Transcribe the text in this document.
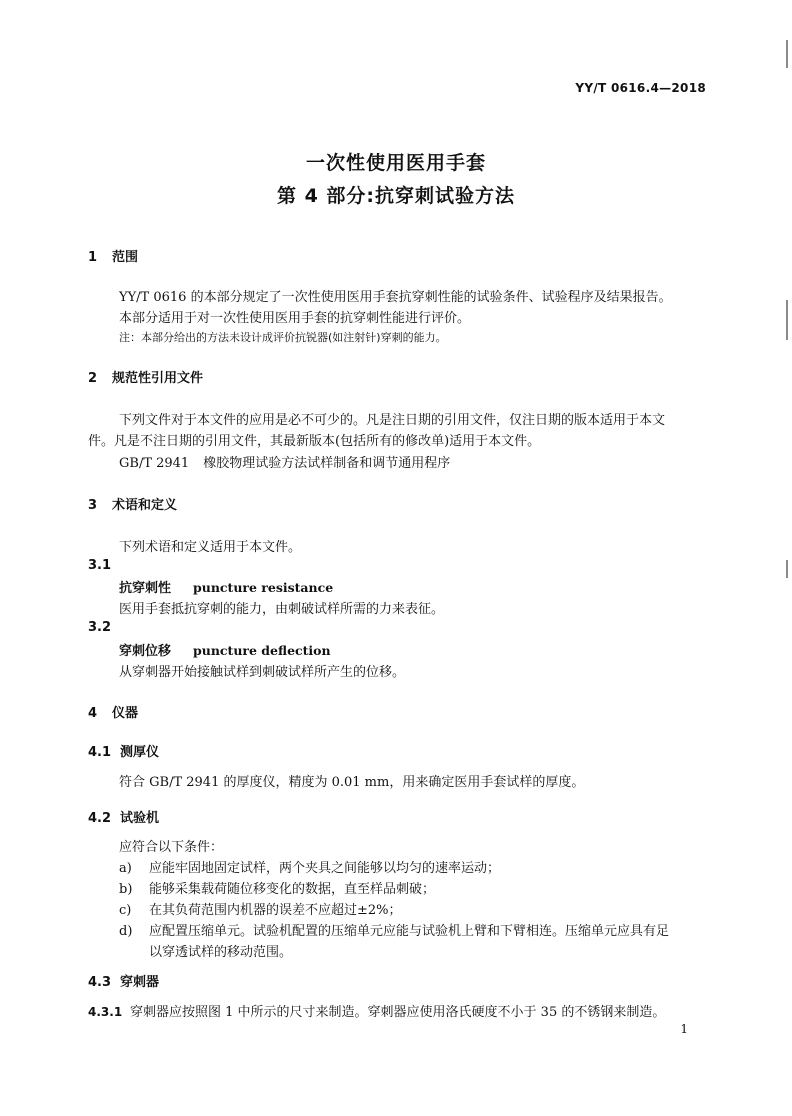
YY/T 0616.4—2018
一次性使用医用手套
第 4 部分:抗穿刺试验方法
1 范围
YY/T 0616 的本部分规定了一次性使用医用手套抗穿刺性能的试验条件、试验程序及结果报告。
本部分适用于对一次性使用医用手套的抗穿刺性能进行评价。
注：本部分给出的方法未设计成评价抗锐器(如注射针)穿刺的能力。
2 规范性引用文件
下列文件对于本文件的应用是必不可少的。凡是注日期的引用文件，仅注日期的版本适用于本文
件。凡是不注日期的引用文件，其最新版本(包括所有的修改单)适用于本文件。
GB/T 2941 橡胶物理试验方法试样制备和调节通用程序
3 术语和定义
下列术语和定义适用于本文件。
3.1
抗穿刺性 puncture resistance
医用手套抵抗穿刺的能力，由刺破试样所需的力来表征。
3.2
穿刺位移 puncture deflection
从穿刺器开始接触试样到刺破试样所产生的位移。
4 仪器
4.1 测厚仪
符合 GB/T 2941 的厚度仪，精度为 0.01 mm，用来确定医用手套试样的厚度。
4.2 试验机
应符合以下条件：
a) 应能牢固地固定试样，两个夹具之间能够以均匀的速率运动；
b) 能够采集载荷随位移变化的数据，直至样品刺破；
c) 在其负荷范围内机器的误差不应超过±2%；
d) 应配置压缩单元。试验机配置的压缩单元应能与试验机上臂和下臂相连。压缩单元应具有足
以穿透试样的移动范围。
4.3 穿刺器
4.3.1 穿刺器应按照图 1 中所示的尺寸来制造。穿刺器应使用洛氏硬度不小于 35 的不锈钢来制造。
1
